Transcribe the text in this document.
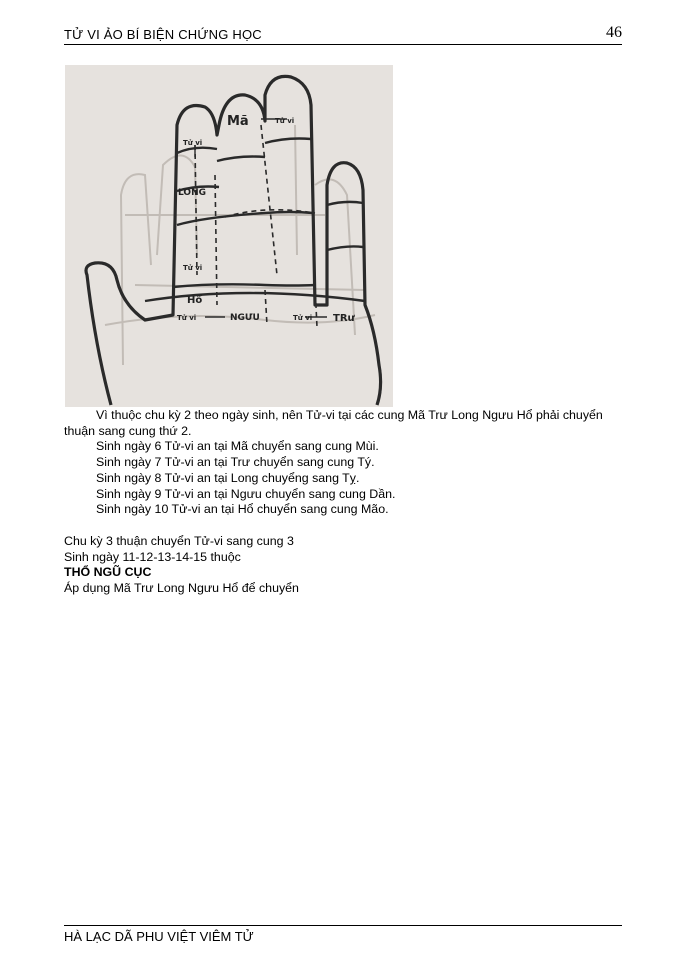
TỬ VI ẢO BÍ BIỆN CHỨNG HỌC	46
Mã	Tử vi
Tử vi
LONG
Tử vi
Hổ
Tử vi	NGƯU	Tử vi TRư

Vì thuộc chu kỳ 2 theo ngày sinh, nên Tử-vi tại các cung Mã Trư Long Ngưu Hổ phải chuyển thuận sang cung thứ 2.

Sinh ngày 6 Tử-vi an tại Mã chuyển sang cung Mùi.

Sinh ngày 7 Tử-vi an tại Trư chuyển sang cung Tý.

Sinh ngày 8 Tử-vi an tại Long chuyểng sang Tỵ.

Sinh ngày 9 Tử-vi an tại Ngưu chuyển sang cung Dần.

Sinh ngày 10 Tử-vi an tại Hổ chuyển sang cung Mão.

Chu kỳ 3 thuận chuyển Tử-vi sang cung 3

Sinh ngày 11-12-13-14-15 thuộc

THỔ NGŨ CỤC

Áp dụng Mã Trư Long Ngưu Hổ để chuyển

HÀ LẠC DÃ PHU VIỆT VIÊM TỬ
